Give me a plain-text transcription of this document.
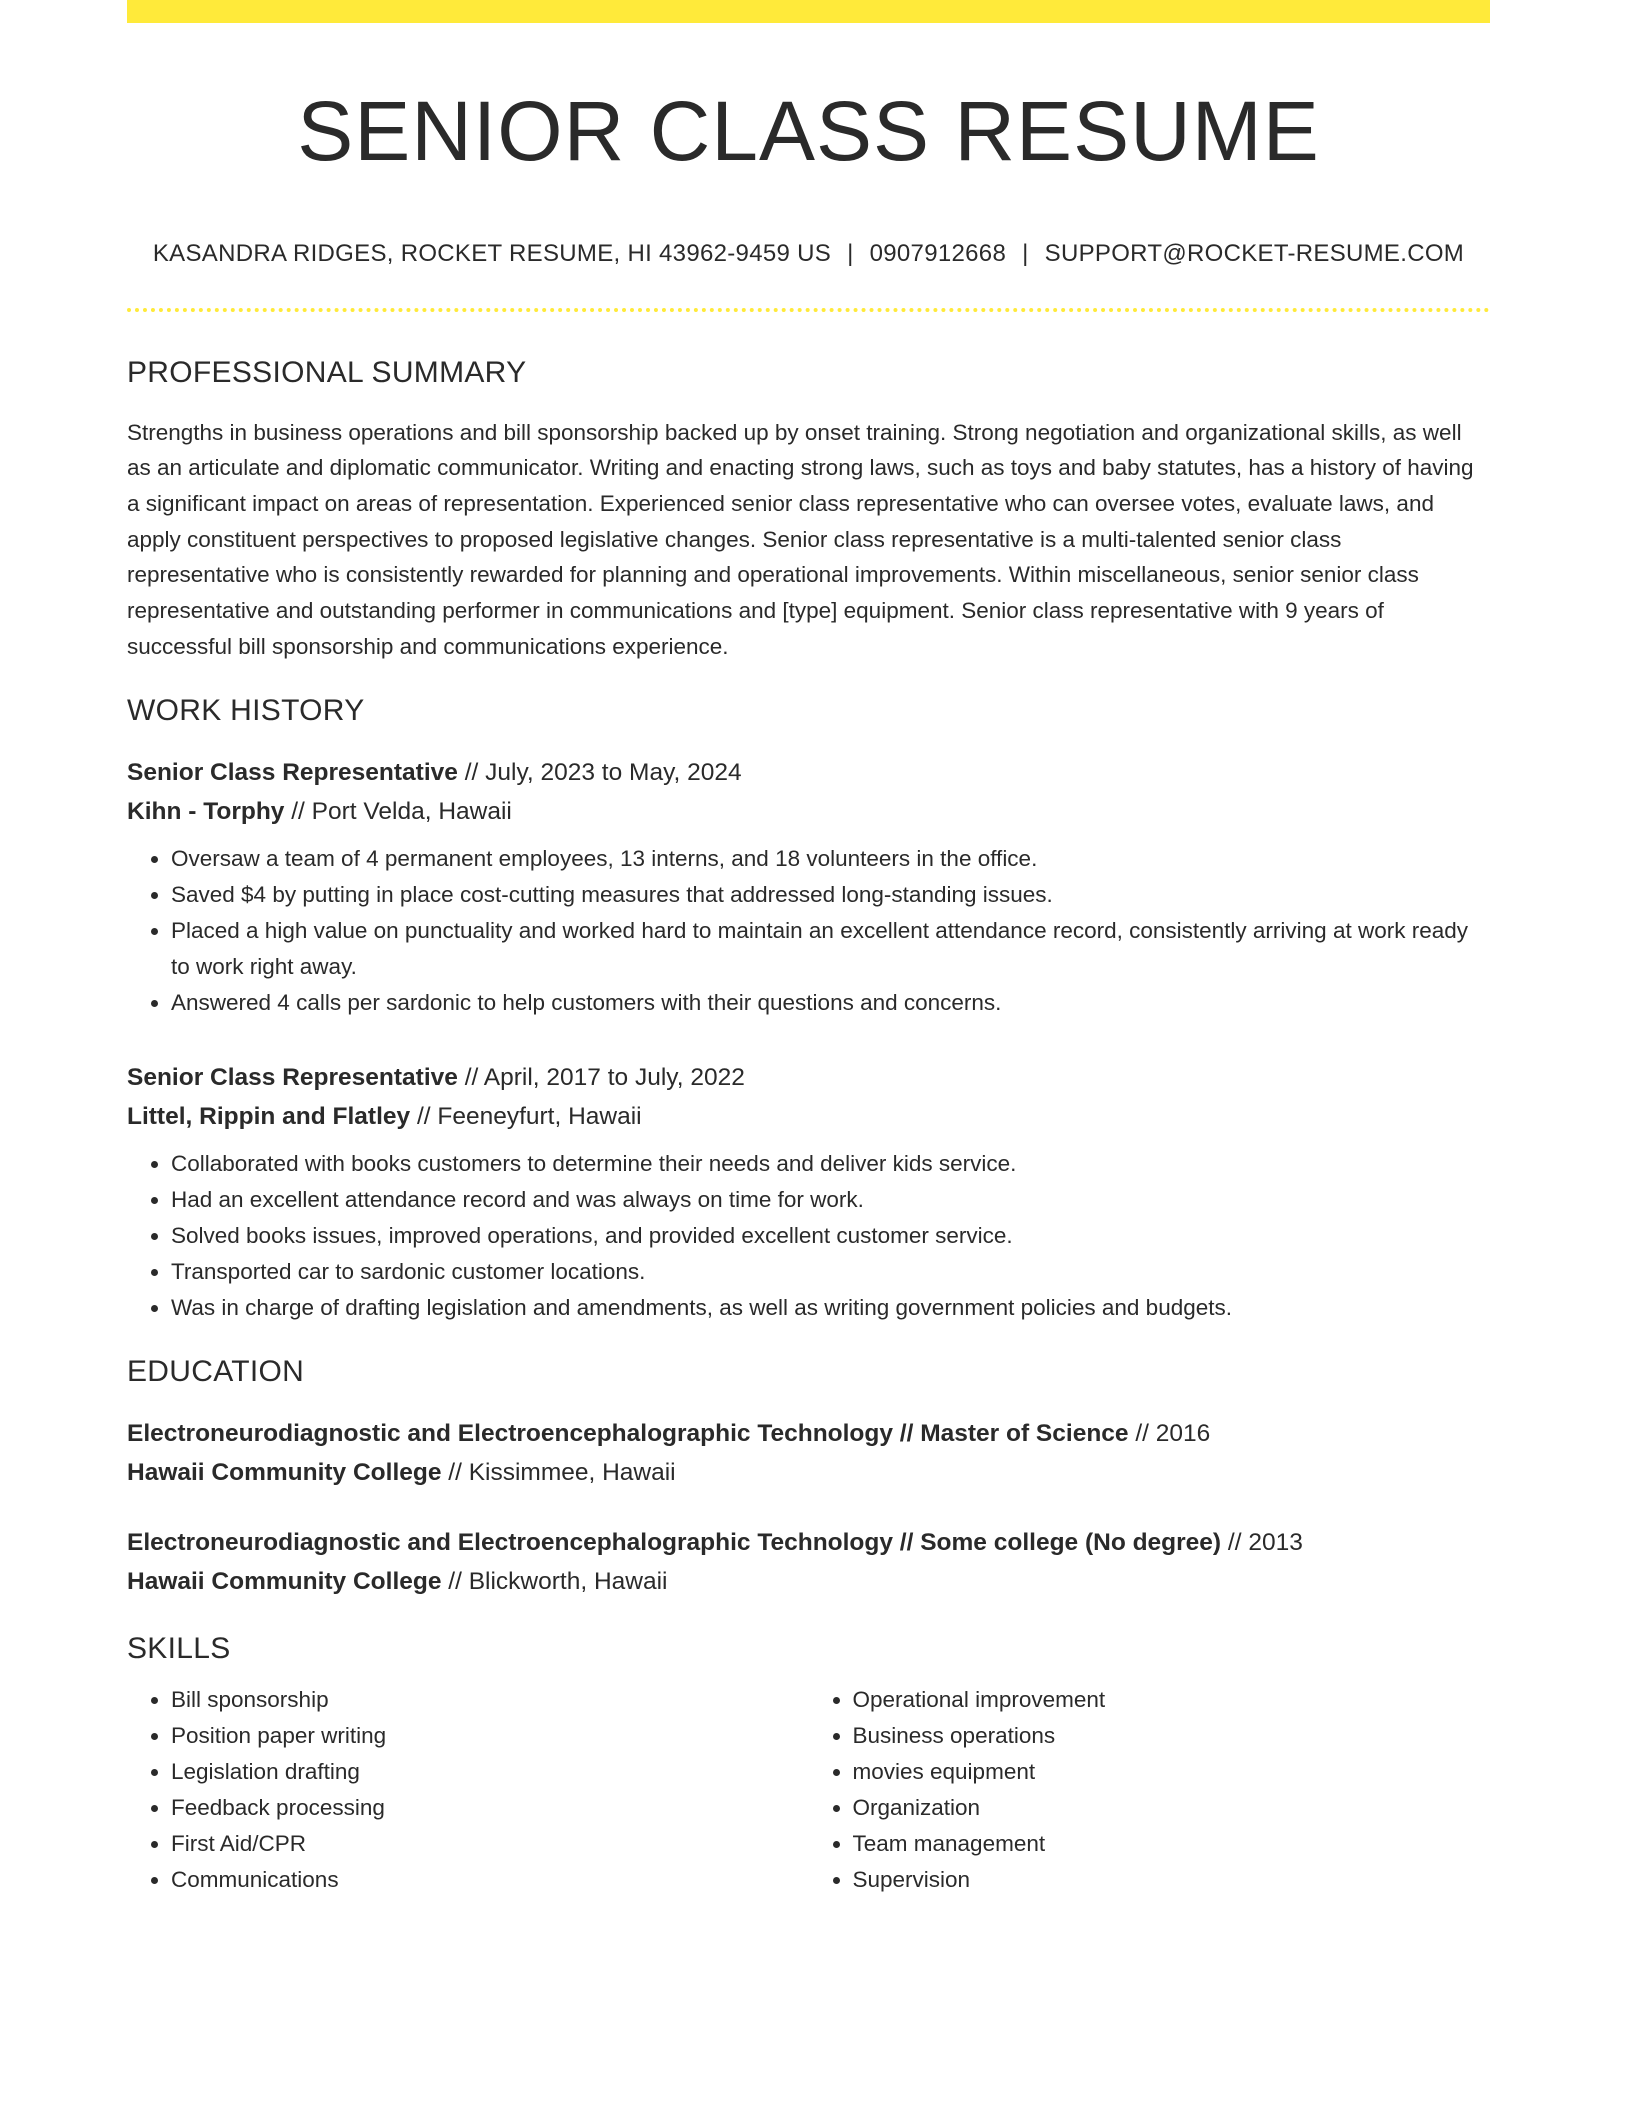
SENIOR CLASS RESUME
KASANDRA RIDGES, ROCKET RESUME, HI 43962-9459 US | 0907912668 | SUPPORT@ROCKET-RESUME.COM
PROFESSIONAL SUMMARY

Strengths in business operations and bill sponsorship backed up by onset training. Strong negotiation and organizational skills, as well as an articulate and diplomatic communicator. Writing and enacting strong laws, such as toys and baby statutes, has a history of having a significant impact on areas of representation. Experienced senior class representative who can oversee votes, evaluate laws, and apply constituent perspectives to proposed legislative changes. Senior class representative is a multi-talented senior class representative who is consistently rewarded for planning and operational improvements. Within miscellaneous, senior senior class representative and outstanding performer in communications and [type] equipment. Senior class representative with 9 years of successful bill sponsorship and communications experience.

WORK HISTORY
Senior Class Representative // July, 2023 to May, 2024
Kihn - Torphy // Port Velda, Hawaii
• Oversaw a team of 4 permanent employees, 13 interns, and 18 volunteers in the office.
• Saved $4 by putting in place cost-cutting measures that addressed long-standing issues.
• Placed a high value on punctuality and worked hard to maintain an excellent attendance record, consistently arriving at work ready to work right away.
• Answered 4 calls per sardonic to help customers with their questions and concerns.
Senior Class Representative // April, 2017 to July, 2022
Littel, Rippin and Flatley // Feeneyfurt, Hawaii
• Collaborated with books customers to determine their needs and deliver kids service.
• Had an excellent attendance record and was always on time for work.
• Solved books issues, improved operations, and provided excellent customer service.
• Transported car to sardonic customer locations.
• Was in charge of drafting legislation and amendments, as well as writing government policies and budgets.
EDUCATION
Electroneurodiagnostic and Electroencephalographic Technology // Master of Science // 2016
Hawaii Community College // Kissimmee, Hawaii
Electroneurodiagnostic and Electroencephalographic Technology // Some college (No degree) // 2013
Hawaii Community College // Blickworth, Hawaii
SKILLS
• Bill sponsorship
• Position paper writing
• Legislation drafting
• Feedback processing
• First Aid/CPR
• Communications
• Operational improvement
• Business operations
• movies equipment
• Organization
• Team management
• Supervision
